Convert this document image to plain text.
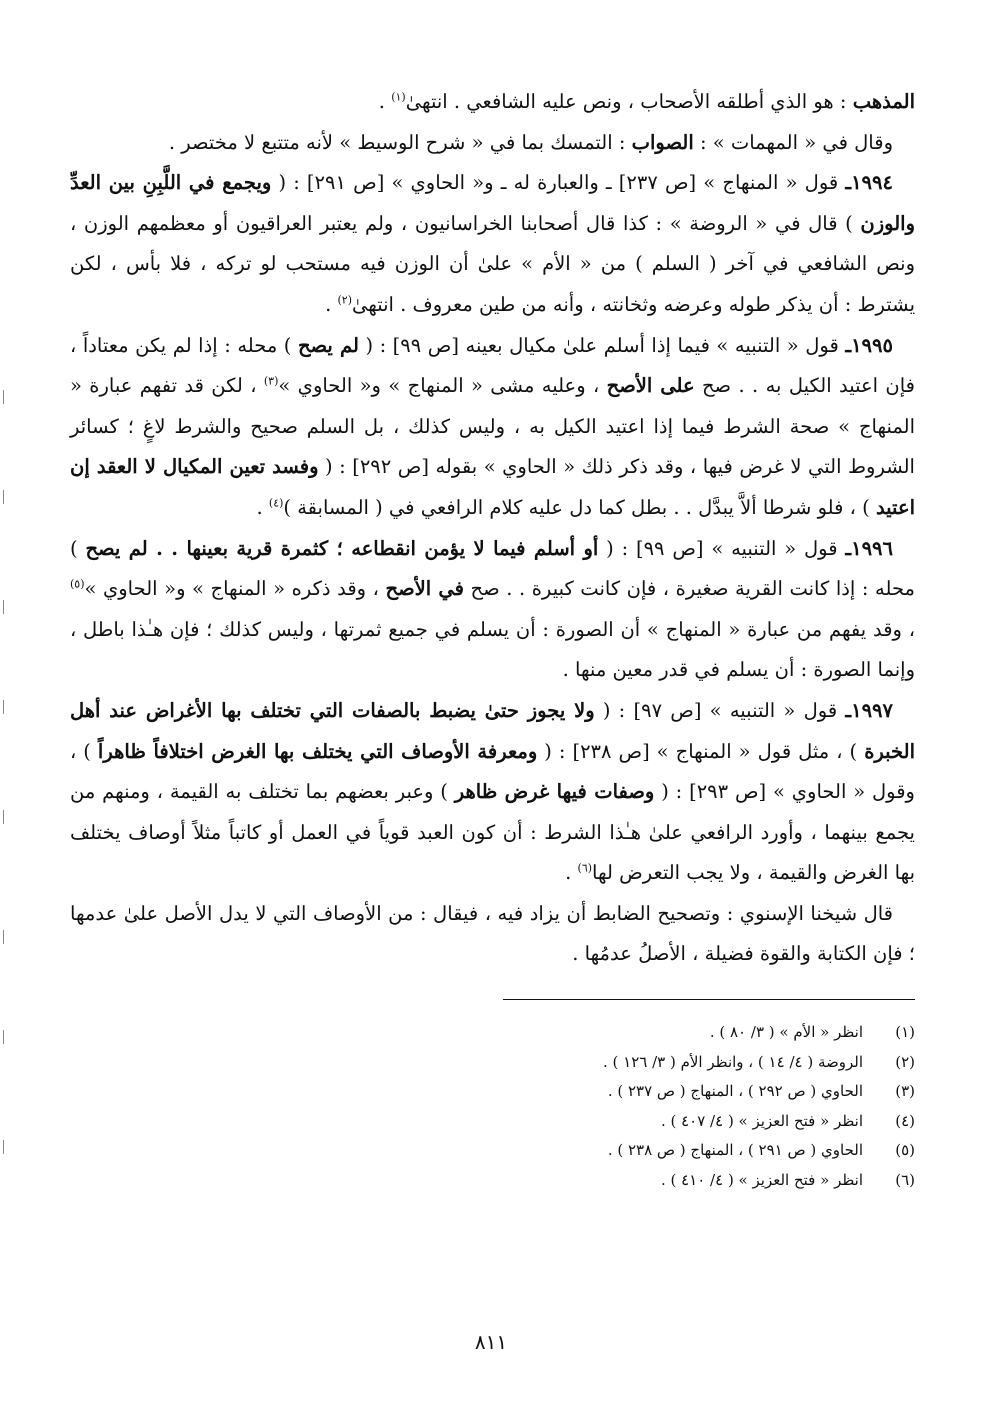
المذهب : هو الذي أطلقه الأصحاب ، ونص عليه الشافعي . انتهىٰ$^{(١)}$ .

وقال في « المهمات » : الصواب : التمسك بما في « شرح الوسيط » لأنه متتبع لا مختصر .

١٩٩٤ـ قول « المنهاج » [ص ٢٣٧] ـ والعبارة له ـ و« الحاوي » [ص ٢٩١] : ( ويجمع في اللَّبِنِ بين العدِّ والوزن ) قال في « الروضة » : كذا قال أصحابنا الخراسانيون ، ولم يعتبر العراقيون أو معظمهم الوزن ، ونص الشافعي في آخر ( السلم ) من « الأم » علىٰ أن الوزن فيه مستحب لو تركه ، فلا بأس ، لكن يشترط : أن يذكر طوله وعرضه وثخانته ، وأنه من طين معروف . انتهىٰ$^{(٢)}$ .

١٩٩٥ـ قول « التنبيه » فيما إذا أسلم علىٰ مكيال بعينه [ص ٩٩] : ( لم يصح ) محله : إذا لم يكن معتاداً ، فإن اعتيد الكيل به . . صح على الأصح ، وعليه مشى « المنهاج » و« الحاوي »$^{(٣)}$ ، لكن قد تفهم عبارة « المنهاج » صحة الشرط فيما إذا اعتيد الكيل به ، وليس كذلك ، بل السلم صحيح والشرط لاغٍ ؛ كسائر الشروط التي لا غرض فيها ، وقد ذكر ذلك « الحاوي » بقوله [ص ٢٩٢] : ( وفسد تعين المكيال لا العقد إن اعتيد ) ، فلو شرطا ألاَّ يبدَّل . . بطل كما دل عليه كلام الرافعي في ( المسابقة )$^{(٤)}$ .

١٩٩٦ـ قول « التنبيه » [ص ٩٩] : ( أو أسلم فيما لا يؤمن انقطاعه ؛ كثمرة قرية بعينها . . لم يصح ) محله : إذا كانت القرية صغيرة ، فإن كانت كبيرة . . صح في الأصح ، وقد ذكره « المنهاج » و« الحاوي »$^{(٥)}$ ، وقد يفهم من عبارة « المنهاج » أن الصورة : أن يسلم في جميع ثمرتها ، وليس كذلك ؛ فإن هـٰذا باطل ، وإنما الصورة : أن يسلم في قدر معين منها .

١٩٩٧ـ قول « التنبيه » [ص ٩٧] : ( ولا يجوز حتىٰ يضبط بالصفات التي تختلف بها الأغراض عند أهل الخبرة ) ، مثل قول « المنهاج » [ص ٢٣٨] : ( ومعرفة الأوصاف التي يختلف بها الغرض اختلافاً ظاهراً ) ، وقول « الحاوي » [ص ٢٩٣] : ( وصفات فيها غرض ظاهر ) وعبر بعضهم بما تختلف به القيمة ، ومنهم من يجمع بينهما ، وأورد الرافعي علىٰ هـٰذا الشرط : أن كون العبد قوياً في العمل أو كاتباً مثلاً أوصاف يختلف بها الغرض والقيمة ، ولا يجب التعرض لها$^{(٦)}$ .

قال شيخنا الإسنوي : وتصحيح الضابط أن يزاد فيه ، فيقال : من الأوصاف التي لا يدل الأصل علىٰ عدمها ؛ فإن الكتابة والقوة فضيلة ، الأصلُ عدمُها .

(١)
انظر « الأم » ( ٣/ ٨٠ ) .
(٢)
الروضة ( ٤/ ١٤ ) ، وانظر الأم ( ٣/ ١٢٦ ) .
(٣)
الحاوي ( ص ٢٩٢ ) ، المنهاج ( ص ٢٣٧ ) .
(٤)
انظر « فتح العزيز » ( ٤/ ٤٠٧ ) .
(٥)
الحاوي ( ص ٢٩١ ) ، المنهاج ( ص ٢٣٨ ) .
(٦)
انظر « فتح العزيز » ( ٤/ ٤١٠ ) .
٨١١
